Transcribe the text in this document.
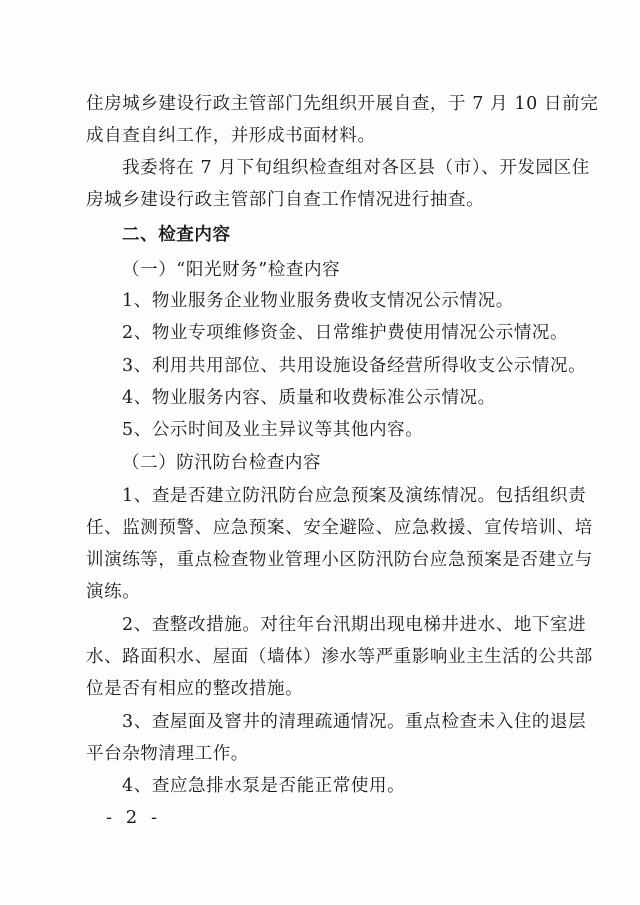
住房城乡建设行政主管部门先组织开展自查，于 7 月 10 日前完
成自查自纠工作，并形成书面材料。
我委将在 7 月下旬组织检查组对各区县（市）、开发园区住
房城乡建设行政主管部门自查工作情况进行抽查。
二、检查内容
（一）“阳光财务”检查内容
1、物业服务企业物业服务费收支情况公示情况。
2、物业专项维修资金、日常维护费使用情况公示情况。
3、利用共用部位、共用设施设备经营所得收支公示情况。
4、物业服务内容、质量和收费标准公示情况。
5、公示时间及业主异议等其他内容。
（二）防汛防台检查内容
1、查是否建立防汛防台应急预案及演练情况。包括组织责
任、监测预警、应急预案、安全避险、应急救援、宣传培训、培
训演练等，重点检查物业管理小区防汛防台应急预案是否建立与
演练。
2、查整改措施。对往年台汛期出现电梯井进水、地下室进
水、路面积水、屋面（墙体）渗水等严重影响业主生活的公共部
位是否有相应的整改措施。
3、查屋面及窨井的清理疏通情况。重点检查未入住的退层
平台杂物清理工作。
4、查应急排水泵是否能正常使用。
- 2 -
